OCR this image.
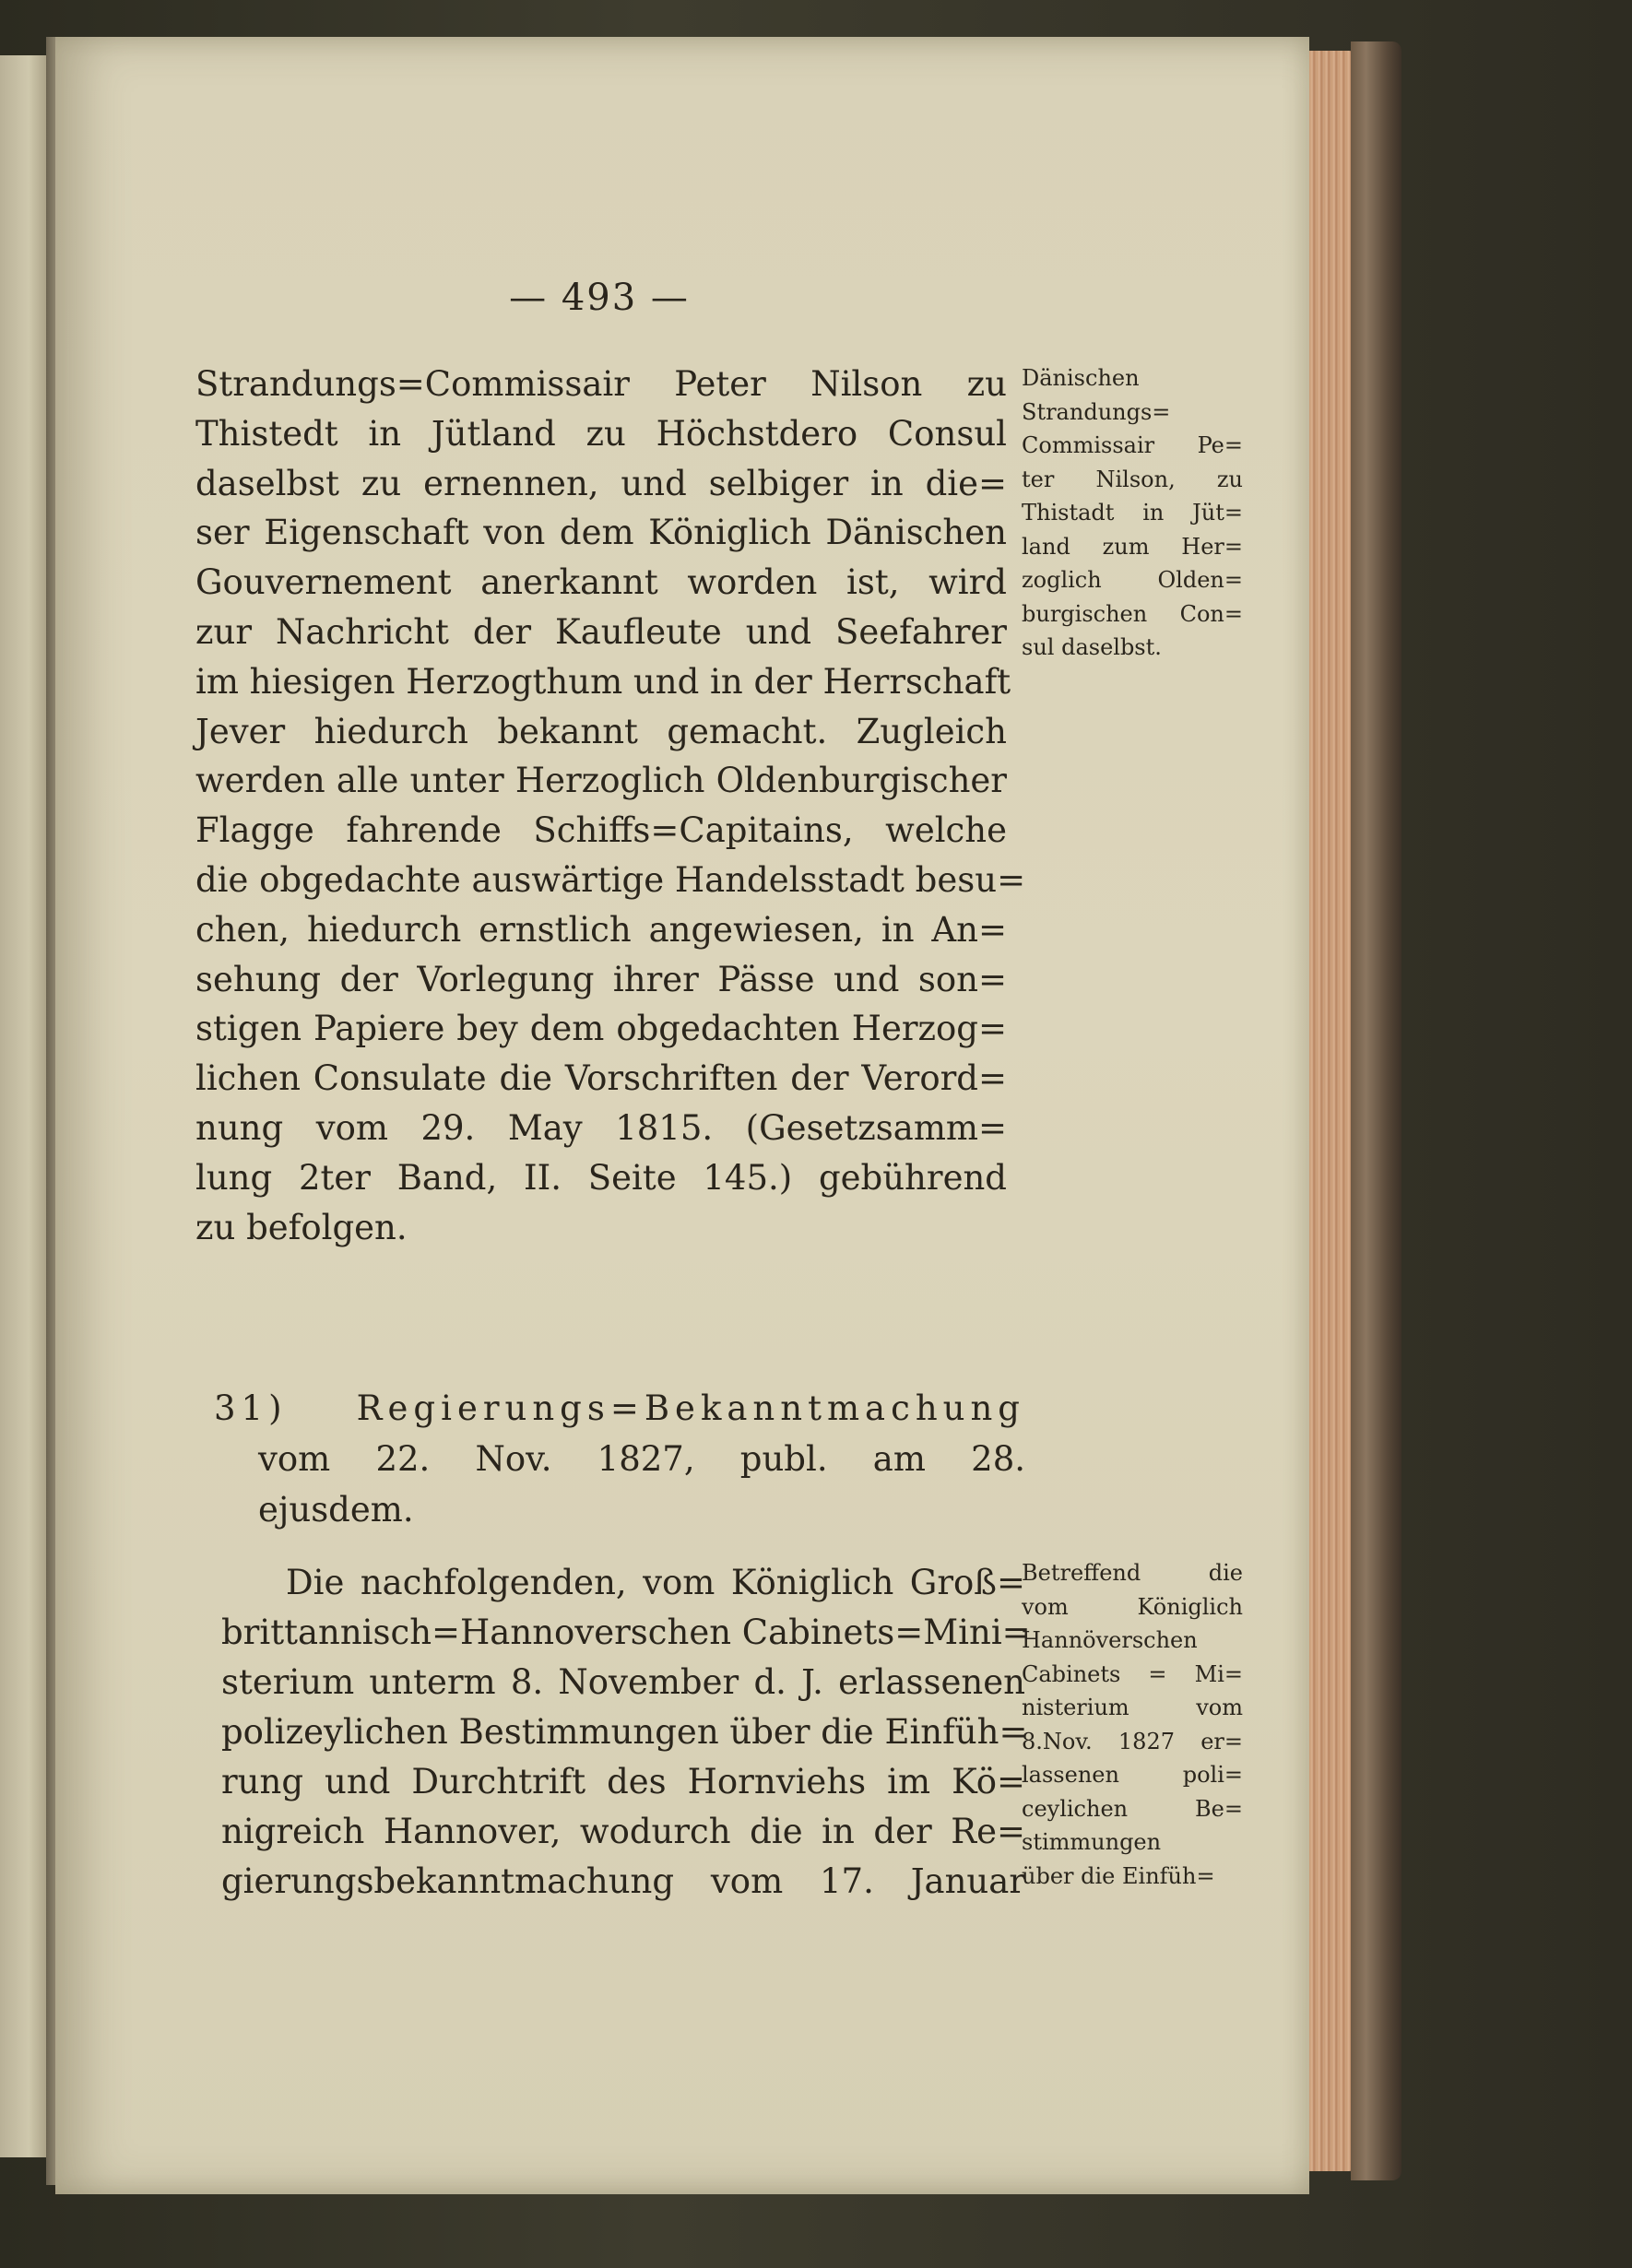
— 493 —
Strandungs=Commissair Peter Nilson zu
Thistedt in Jütland zu Höchstdero Consul
daselbst zu ernennen, und selbiger in die=
ser Eigenschaft von dem Königlich Dänischen
Gouvernement anerkannt worden ist, wird
zur Nachricht der Kaufleute und Seefahrer
im hiesigen Herzogthum und in der Herrschaft
Jever hiedurch bekannt gemacht. Zugleich
werden alle unter Herzoglich Oldenburgischer
Flagge fahrende Schiffs=Capitains, welche
die obgedachte auswärtige Handelsstadt besu=
chen, hiedurch ernstlich angewiesen, in An=
sehung der Vorlegung ihrer Pässe und son=
stigen Papiere bey dem obgedachten Herzog=
lichen Consulate die Vorschriften der Verord=
nung vom 29. May 1815. (Gesetzsamm=
lung 2ter Band, II. Seite 145.) gebührend
zu befolgen.
Dänischen
Strandungs=
Commissair Pe=
ter Nilson, zu
Thistadt in Jüt=
land zum Her=
zoglich Olden=
burgischen Con=
sul daselbst.
31) Regierungs=Bekanntmachung
vom 22. Nov. 1827, publ. am 28.
ejusdem.
Die nachfolgenden, vom Königlich Groß=
brittannisch=Hannoverschen Cabinets=Mini=
sterium unterm 8. November d. J. erlassenen
polizeylichen Bestimmungen über die Einfüh=
rung und Durchtrift des Hornviehs im Kö=
nigreich Hannover, wodurch die in der Re=
gierungsbekanntmachung vom 17. Januar
Betreffend die
vom Königlich
Hannöverschen
Cabinets = Mi=
nisterium vom
8.Nov. 1827 er=
lassenen poli=
ceylichen Be=
stimmungen
über die Einfüh=
